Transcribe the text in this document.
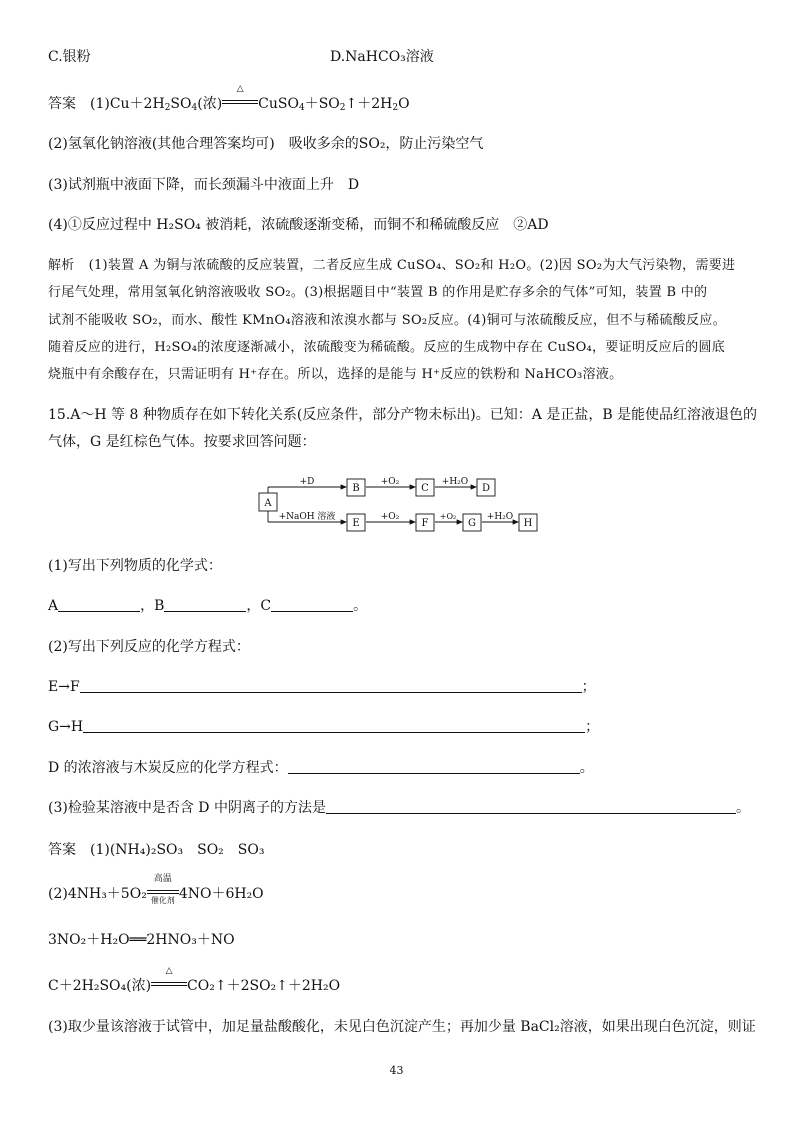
C.银粉	D.NaHCO₃溶液
答案 $(1)Cu+2H_2SO_4$(浓)
△
$CuSO_4+SO_2↑+2H_2O$
(2)氢氧化钠溶液(其他合理答案均可)　吸收多余的SO₂，防止污染空气
(3)试剂瓶中液面下降，而长颈漏斗中液面上升　D
(4)①反应过程中 H₂SO₄ 被消耗，浓硫酸逐渐变稀，而铜不和稀硫酸反应　②AD
解析 (1)装置 A 为铜与浓硫酸的反应装置，二者反应生成 CuSO₄、SO₂和 H₂O。(2)因 SO₂为大气污染物，需要进
行尾气处理，常用氢氧化钠溶液吸收 SO₂。(3)根据题目中“装置 B 的作用是贮存多余的气体”可知，装置 B 中的
试剂不能吸收 SO₂，而水、酸性 KMnO₄溶液和浓溴水都与 SO₂反应。(4)铜可与浓硫酸反应，但不与稀硫酸反应。
随着反应的进行，H₂SO₄的浓度逐渐减小，浓硫酸变为稀硫酸。反应的生成物中存在 CuSO₄，要证明反应后的圆底
烧瓶中有余酸存在，只需证明有 H⁺存在。所以，选择的是能与 H⁺反应的铁粉和 NaHCO₃溶液。
15.A～H 等 8 种物质存在如下转化关系(反应条件，部分产物未标出)。已知：A 是正盐，B 是能使品红溶液退色的
气体，G 是红棕色气体。按要求回答问题：
A
B	C	D
E	F	G	H
+D	+O₂	+H₂O
+NaOH 溶液	+O₂	+O₂	+H₂O
(1)写出下列物质的化学式：
A	，B	，C	。
(2)写出下列反应的化学方程式：
E→F	；
G→H	；
D 的浓溶液与木炭反应的化学方程式：	。
(3)检验某溶液中是否含 D 中阴离子的方法是	。
答案 (1)(NH₄)₂SO₃　SO₂　SO₃
(2)4NH₃＋5O₂
高温
催化剂 4NO＋6H₂O
3NO₂＋H₂O══2HNO₃＋NO
C＋2H₂SO₄(浓)
△
CO₂↑＋2SO₂↑＋2H₂O
(3)取少量该溶液于试管中，加足量盐酸酸化，未见白色沉淀产生；再加少量 BaCl₂溶液，如果出现白色沉淀，则证
43
